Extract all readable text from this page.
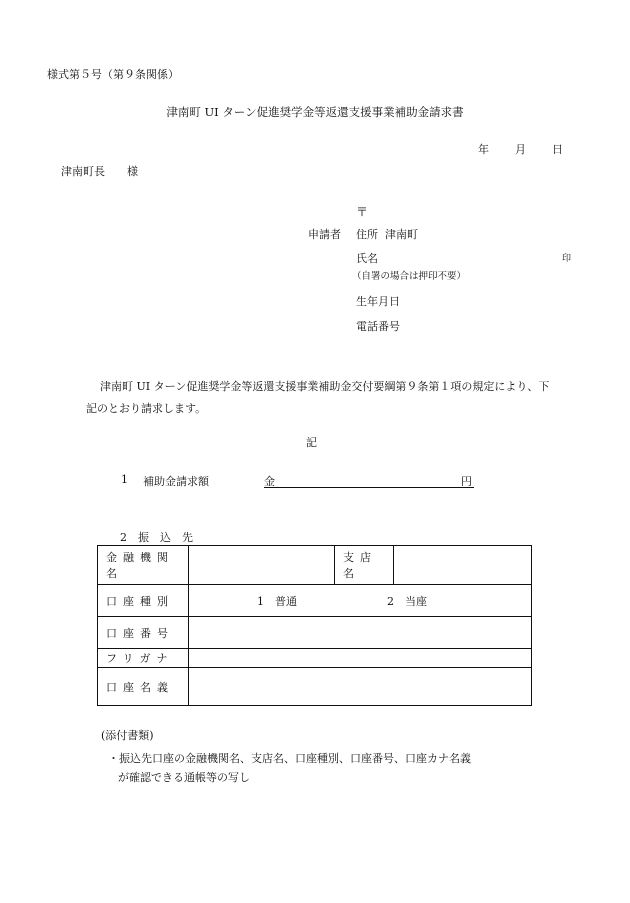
様式第５号（第９条関係）
津南町 UI ターン促進奨学金等返還支援事業補助金請求書
年 月 日
津南町長　　様
〒
申請者 住所 津南町
氏名	印
（自署の場合は押印不要）
生年月日
電話番号
津南町 UI ターン促進奨学金等返還支援事業補助金交付要綱第９条第１項の規定により、下記のとおり請求します。
記
1 補助金請求額	金	円
2　振　込　先
金融機関名		支店名	
口座種別	1　普通 2　当座		
口座番号			
フリガナ			
口座名義			
(添付書類)
・振込先口座の金融機関名、支店名、口座種別、口座番号、口座カナ名義
が確認できる通帳等の写し
